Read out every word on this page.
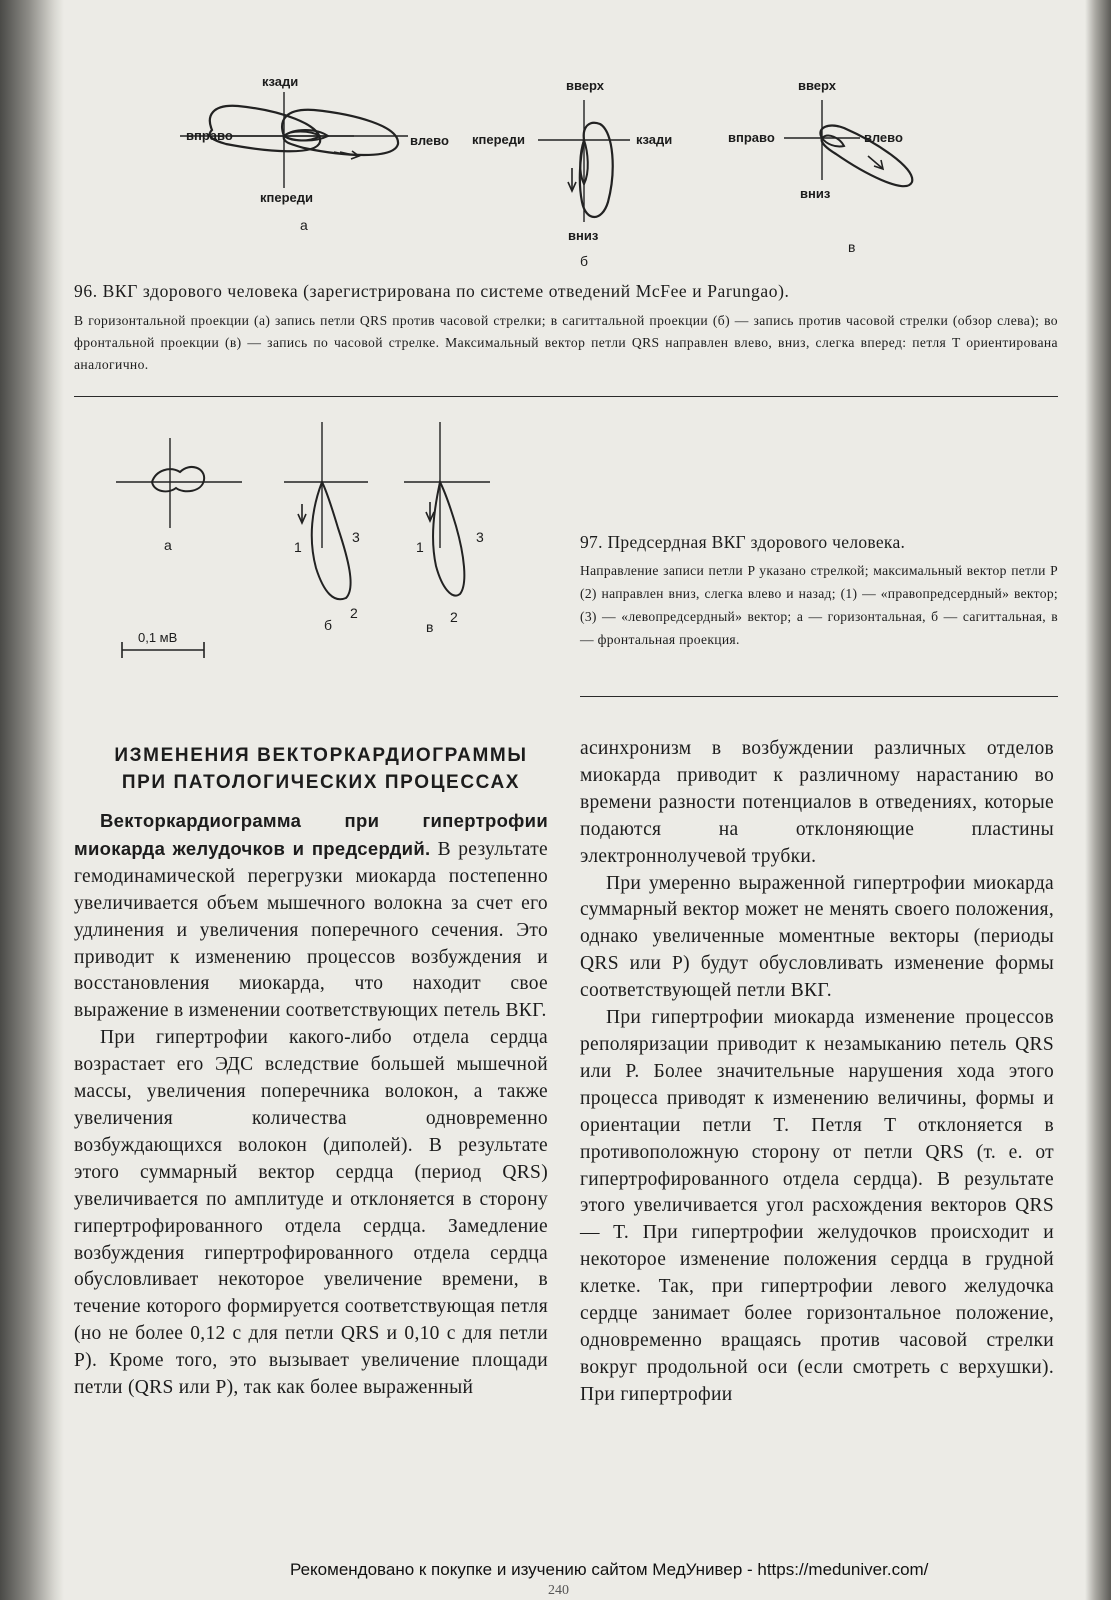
кзади
вправо
кпереди
а
влево
вверх
кпереди	кзади
вниз
б
вверх
вправо	влево
вниз
в
96. ВКГ здорового человека (зарегистрирована по системе отведений McFee и Parungao).
В горизонтальной проекции (а) запись петли QRS против часовой стрелки; в сагиттальной проекции (б) — запись против часовой стрелки (обзор слева); во фронтальной проекции (в) — запись по часовой стрелке. Максимальный вектор петли QRS направлен влево, вниз, слегка вперед: петля T ориентирована аналогично.
а	1
3
2
б
1
3
2
в
0,1 мВ
97. Предсердная ВКГ здорового человека.
Направление записи петли P указано стрелкой; максимальный вектор петли P (2) направлен вниз, слегка влево и назад; (1) — «правопредсердный» вектор; (3) — «левопредсердный» вектор; а — горизонтальная, б — сагиттальная, в — фронтальная проекция.
ИЗМЕНЕНИЯ ВЕКТОРКАРДИОГРАММЫ
ПРИ ПАТОЛОГИЧЕСКИХ ПРОЦЕССАХ

Векторкардиограмма при гипертрофии миокарда желудочков и предсердий. В результате гемодинамической перегрузки миокарда постепенно увеличивается объем мышечного волокна за счет его удлинения и увеличения поперечного сечения. Это приводит к изменению процессов возбуждения и восстановления миокарда, что находит свое выражение в изменении соответствующих петель ВКГ.

При гипертрофии какого-либо отдела сердца возрастает его ЭДС вследствие большей мышечной массы, увеличения поперечника волокон, а также увеличения количества одновременно возбуждающихся волокон (диполей). В результате этого суммарный вектор сердца (период QRS) увеличивается по амплитуде и отклоняется в сторону гипертрофированного отдела сердца. Замедление возбуждения гипертрофированного отдела сердца обусловливает некоторое увеличение времени, в течение которого формируется соответствующая петля (но не более 0,12 с для петли QRS и 0,10 с для петли P). Кроме того, это вызывает увеличение площади петли (QRS или P), так как более выраженный

асинхронизм в возбуждении различных отделов миокарда приводит к различному нарастанию во времени разности потенциалов в отведениях, которые подаются на отклоняющие пластины электроннолучевой трубки.

При умеренно выраженной гипертрофии миокарда суммарный вектор может не менять своего положения, однако увеличенные моментные векторы (периоды QRS или P) будут обусловливать изменение формы соответствующей петли ВКГ.

При гипертрофии миокарда изменение процессов реполяризации приводит к незамыканию петель QRS или P. Более значительные нарушения хода этого процесса приводят к изменению величины, формы и ориентации петли T. Петля T отклоняется в противоположную сторону от петли QRS (т. е. от гипертрофированного отдела сердца). В результате этого увеличивается угол расхождения векторов QRS — T. При гипертрофии желудочков происходит и некоторое изменение положения сердца в грудной клетке. Так, при гипертрофии левого желудочка сердце занимает более горизонтальное положение, одновременно вращаясь против часовой стрелки вокруг продольной оси (если смотреть с верхушки). При гипертрофии

Рекомендовано к покупке и изучению сайтом МедУнивер - https://meduniver.com/
240
